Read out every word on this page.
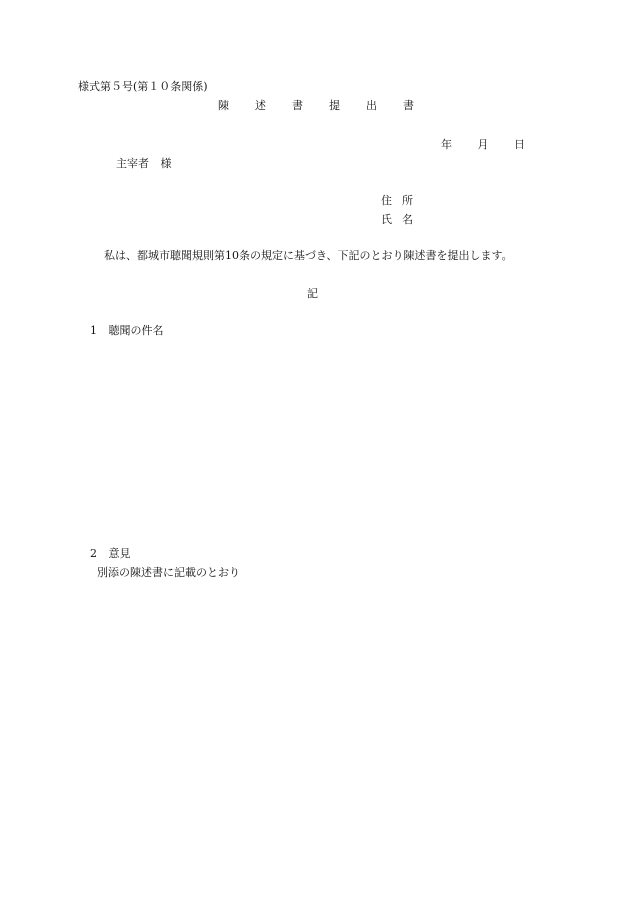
様式第５号(第１０条関係)
陳述書提出書
年 月 日
主宰者 様
住所
氏名
私は、都城市聴聞規則第10条の規定に基づき、下記のとおり陳述書を提出します。
記
1 聴聞の件名
2 意見
別添の陳述書に記載のとおり
